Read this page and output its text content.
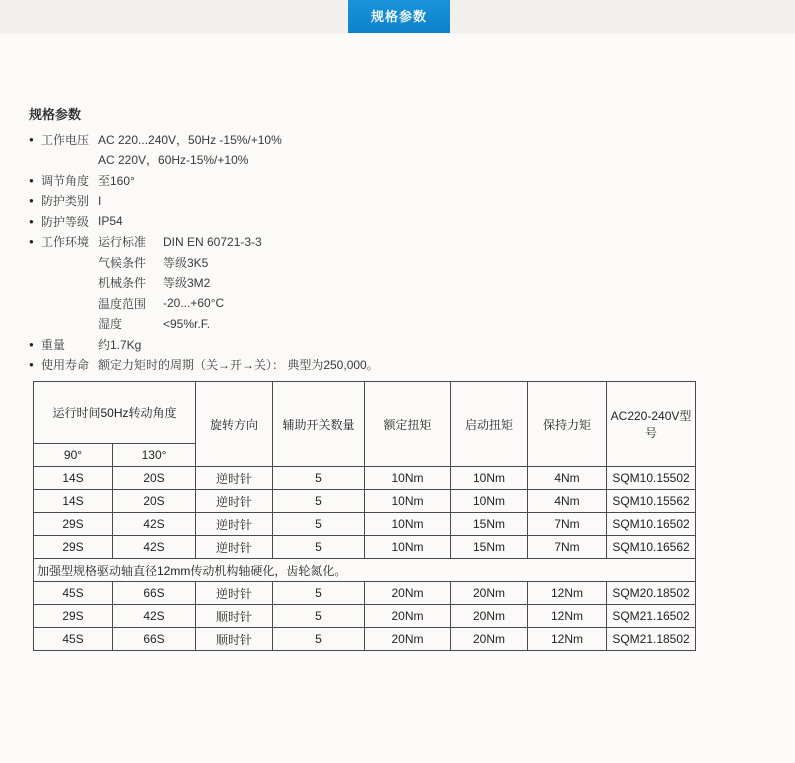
规格参数
规格参数
● 工作电压 AC 220...240V，50Hz -15%/+10%
AC 220V，60Hz-15%/+10%
● 调节角度 至160°
● 防护类别 I
● 防护等级 IP54
● 工作环境 运行标准	DIN EN 60721-3-3
气候条件	等级3K5
机械条件	等级3M2
温度范围	-20...+60°C
湿度	<95%r.F.
● 重量	约1.7Kg
● 使用寿命 额定力矩时的周期（关→开→关）： 典型为250,000。
运行时间50Hz转动角度		旋转方向	辅助开关数量	额定扭矩	启动扭矩	保持力矩	AC220-240V型号
90°	130°						
14S	20S	逆时针	5	10Nm	10Nm	4Nm	SQM10.15502
14S	20S	逆时针	5	10Nm	10Nm	4Nm	SQM10.15562
29S	42S	逆时针	5	10Nm	15Nm	7Nm	SQM10.16502
29S	42S	逆时针	5	10Nm	15Nm	7Nm	SQM10.16562
加强型规格驱动轴直径12mm传动机构轴硬化，齿轮氮化。							
45S	66S	逆时针	5	20Nm	20Nm	12Nm	SQM20.18502
29S	42S	顺时针	5	20Nm	20Nm	12Nm	SQM21.16502
45S	66S	顺时针	5	20Nm	20Nm	12Nm	SQM21.18502
